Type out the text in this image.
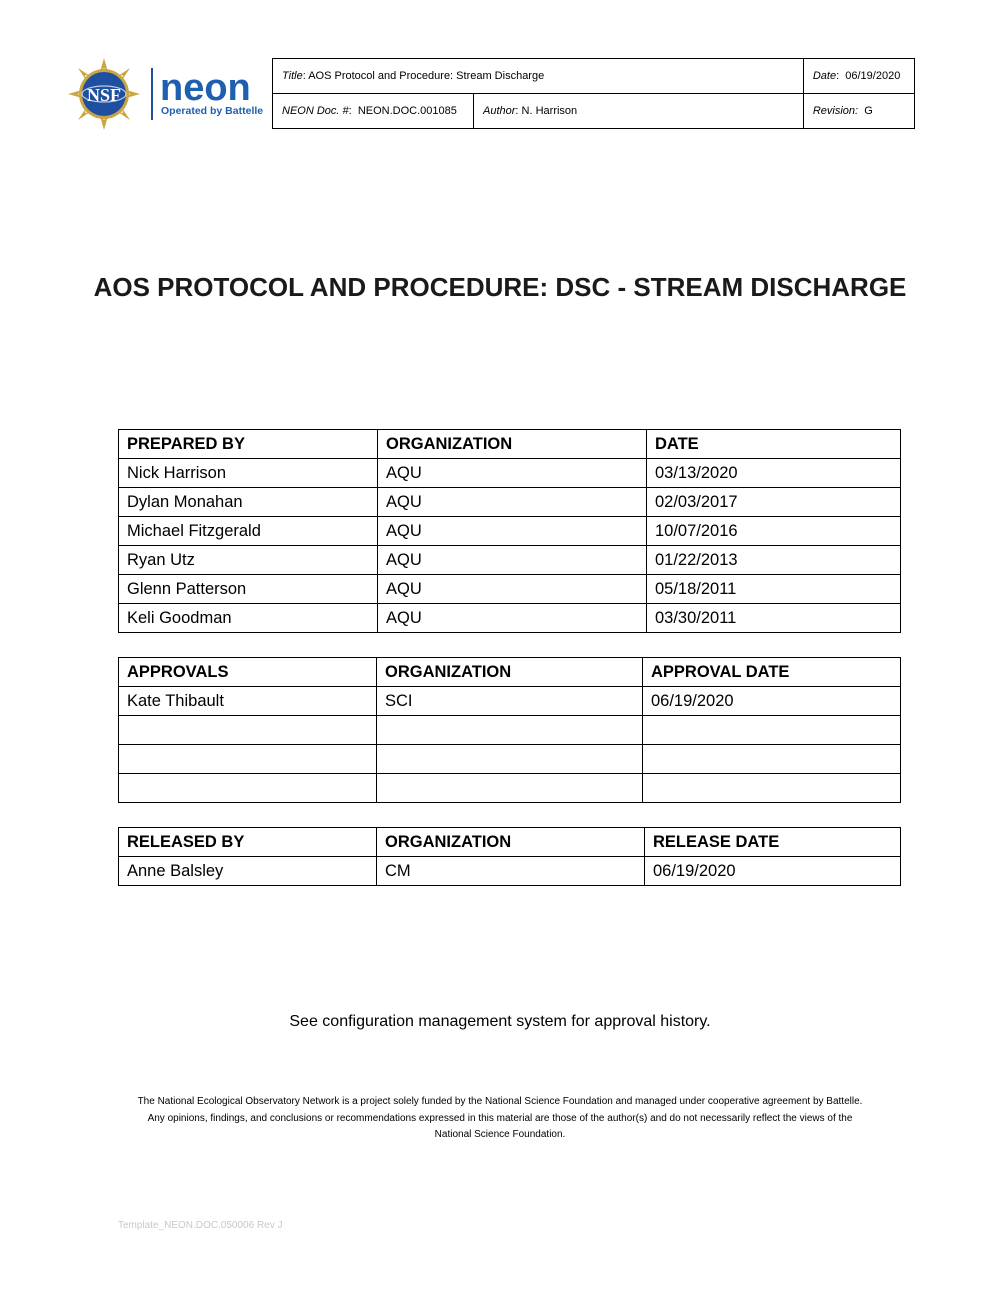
NSF neon
Operated by Battelle
Title: AOS Protocol and Procedure: Stream Discharge		Date:  06/19/2020
NEON Doc. #:  NEON.DOC.001085	Author: N. Harrison	Revision: G
AOS PROTOCOL AND PROCEDURE: DSC - STREAM DISCHARGE
PREPARED BY	ORGANIZATION	DATE
Nick Harrison	AQU	03/13/2020
Dylan Monahan	AQU	02/03/2017
Michael Fitzgerald	AQU	10/07/2016
Ryan Utz	AQU	01/22/2013
Glenn Patterson	AQU	05/18/2011
Keli Goodman	AQU	03/30/2011
APPROVALS	ORGANIZATION	APPROVAL DATE
Kate Thibault	SCI	06/19/2020

RELEASED BY	ORGANIZATION	RELEASE DATE
Anne Balsley	CM	06/19/2020
See configuration management system for approval history.
The National Ecological Observatory Network is a project solely funded by the National Science Foundation and managed under cooperative agreement by Battelle.
Any opinions, findings, and conclusions or recommendations expressed in this material are those of the author(s) and do not necessarily reflect the views of the
National Science Foundation.
Template_NEON.DOC.050006 Rev J
